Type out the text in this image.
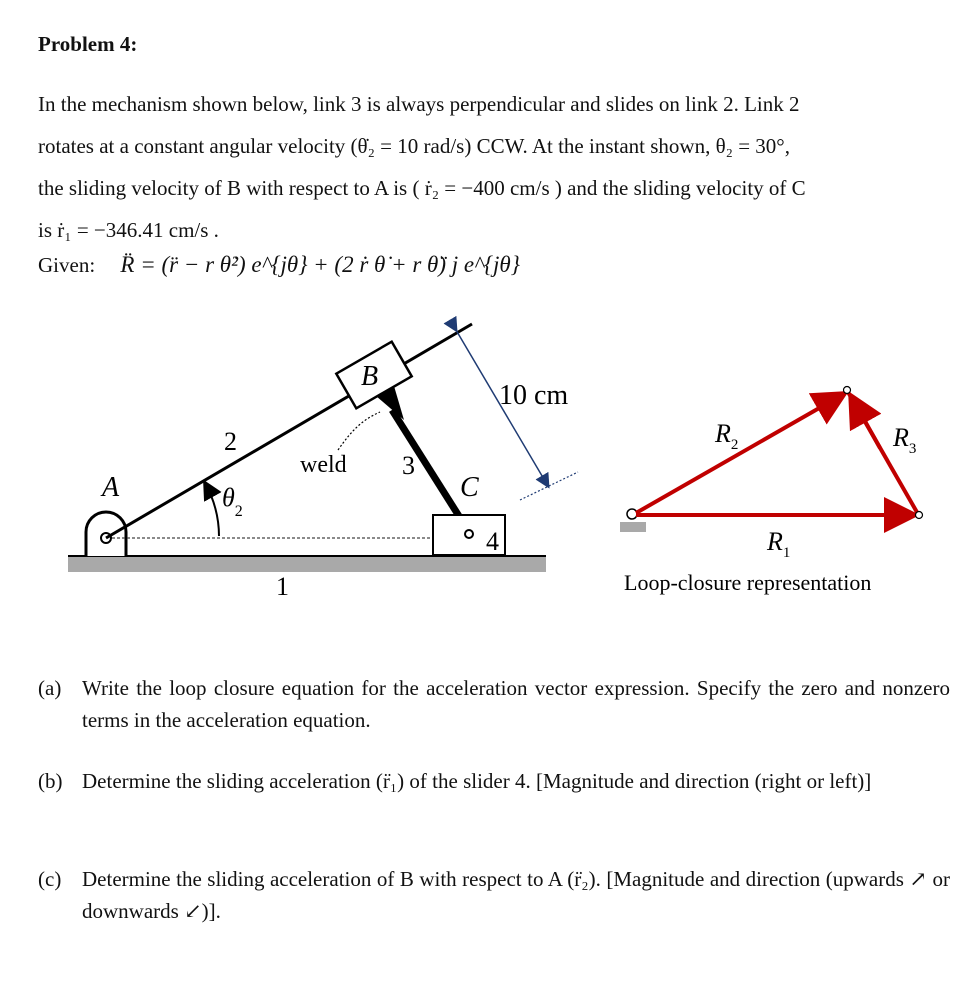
Problem 4:
In the mechanism shown below, link 3 is always perpendicular and slides on link 2. Link 2
rotates at a constant angular velocity (θ̇₂ = 10 rad/s) CCW. At the instant shown, θ₂ = 30°,
the sliding velocity of B with respect to A is ( ṙ₂ = −400 cm/s ) and the sliding velocity of C
is ṙ₁ = −346.41 cm/s .
Given: R̈ = (r̈ − r θ̇²) e^{jθ} + (2 ṙ θ̇ + r θ̈) j e^{jθ}
A
2
$\theta_2$
B
weld 3
C
4
1
10 cm
$R_2$	$R_3$
$R_1$
Loop-closure representation
(a) Write the loop closure equation for the acceleration vector expression. Specify the zero and nonzero terms in the acceleration equation.
(b) Determine the sliding acceleration (r̈₁) of the slider 4. [Magnitude and direction (right or left)]
(c) Determine the sliding acceleration of B with respect to A (r̈₂). [Magnitude and direction (upwards ↗ or downwards ↙)].
